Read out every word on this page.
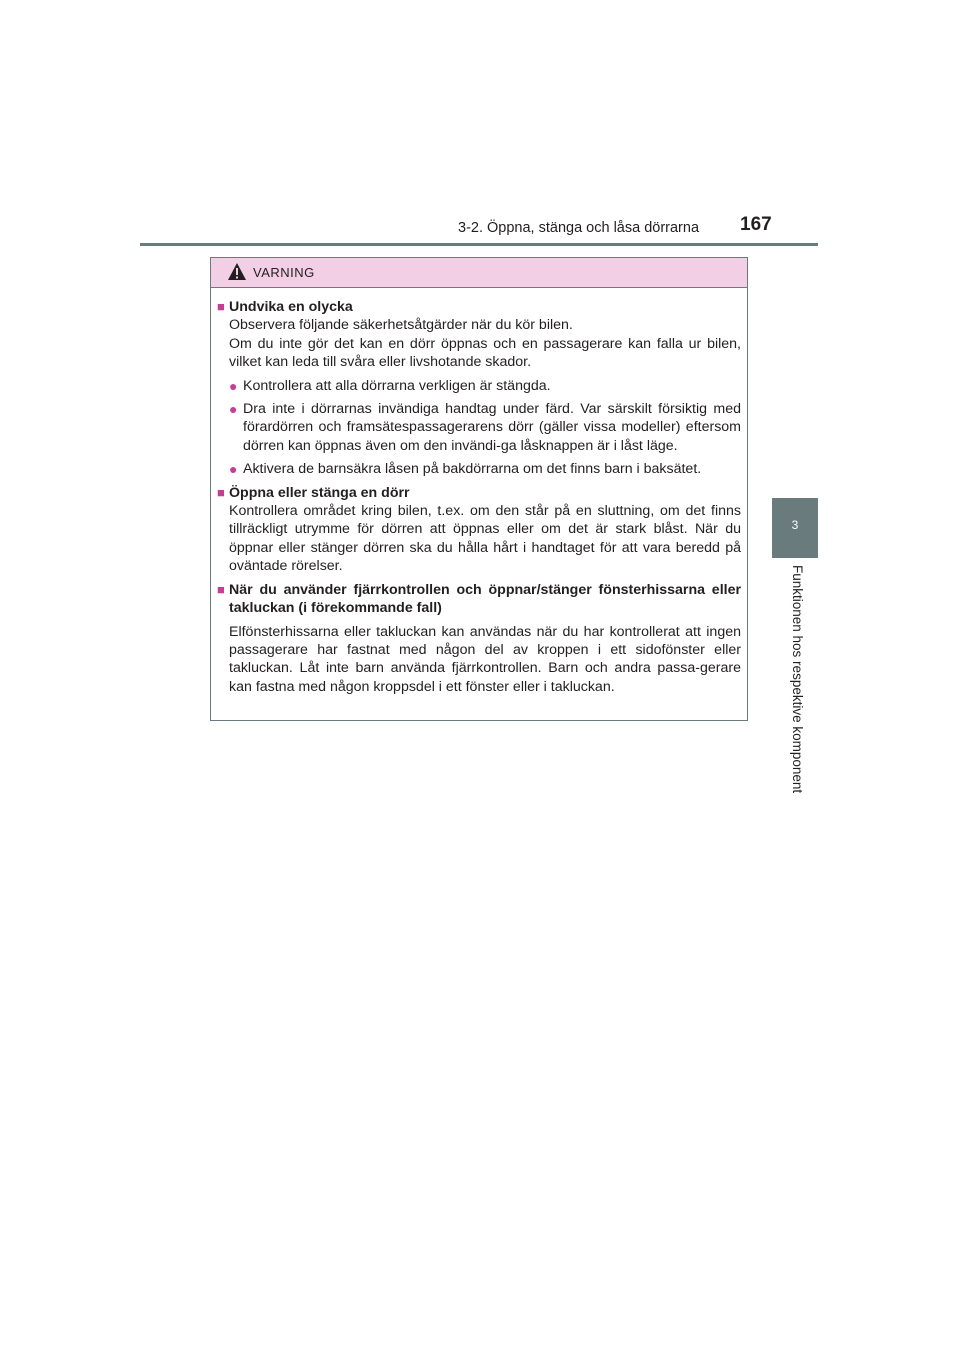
3-2. Öppna, stänga och låsa dörrarna 167
3
Funktionen hos respektive komponent
VARNING
■ Undvika en olycka
Observera följande säkerhetsåtgärder när du kör bilen.
Om du inte gör det kan en dörr öppnas och en passagerare kan falla ur bilen, vilket kan leda till svåra eller livshotande skador.
● Kontrollera att alla dörrarna verkligen är stängda.
● Dra inte i dörrarnas invändiga handtag under färd. Var särskilt försiktig med förardörren och framsätespassagerarens dörr (gäller vissa modeller) eftersom dörren kan öppnas även om den invändi-ga låsknappen är i låst läge.
● Aktivera de barnsäkra låsen på bakdörrarna om det finns barn i baksätet.
■ Öppna eller stänga en dörr
Kontrollera området kring bilen, t.ex. om den står på en sluttning, om det finns tillräckligt utrymme för dörren att öppnas eller om det är stark blåst. När du öppnar eller stänger dörren ska du hålla hårt i handtaget för att vara beredd på oväntade rörelser.
■ När du använder fjärrkontrollen och öppnar/stänger fönsterhissarna eller takluckan (i förekommande fall)
Elfönsterhissarna eller takluckan kan användas när du har kontrollerat att ingen passagerare har fastnat med någon del av kroppen i ett sidofönster eller takluckan. Låt inte barn använda fjärrkontrollen. Barn och andra passa-gerare kan fastna med någon kroppsdel i ett fönster eller i takluckan.
